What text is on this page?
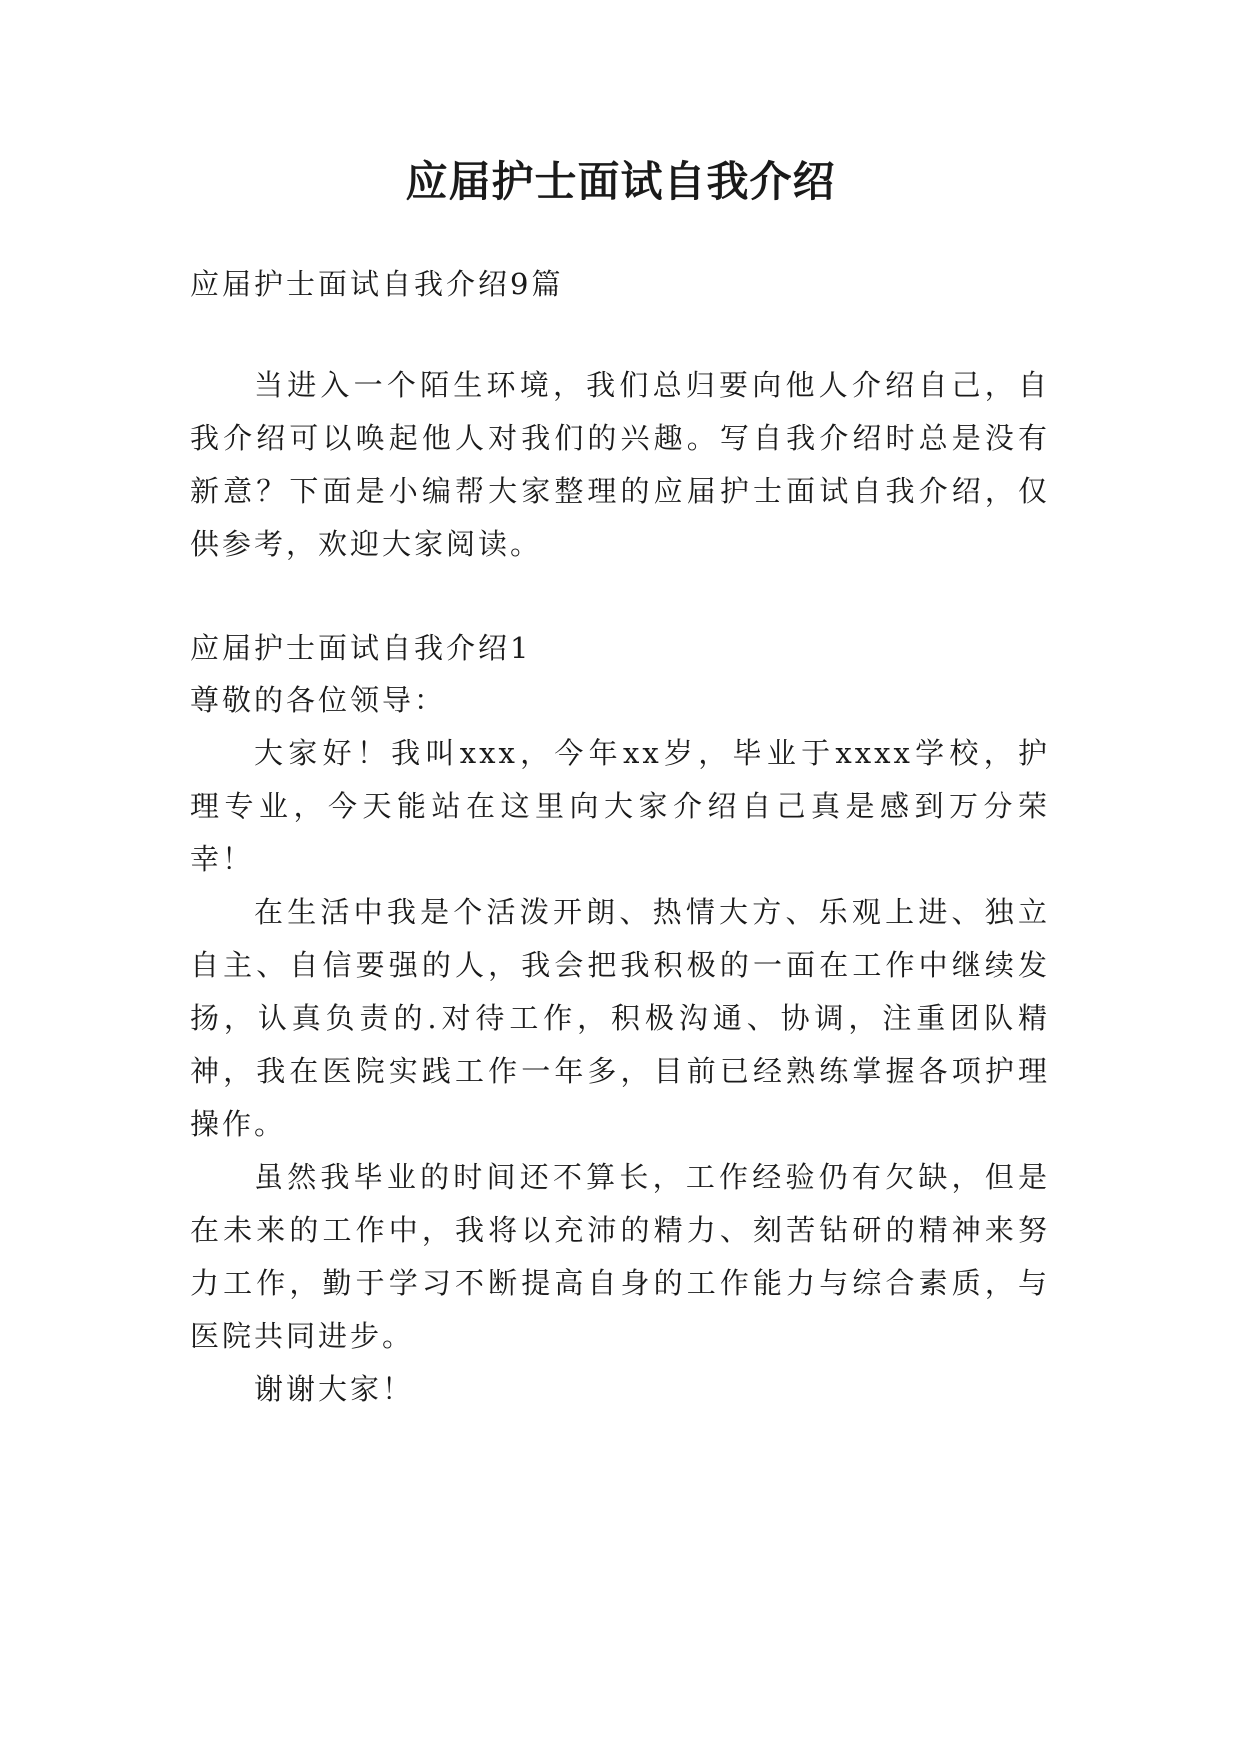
应届护士面试自我介绍

应届护士面试自我介绍9篇

当进入一个陌生环境，我们总归要向他人介绍自己，自

我介绍可以唤起他人对我们的兴趣。写自我介绍时总是没有

新意？下面是小编帮大家整理的应届护士面试自我介绍，仅

供参考，欢迎大家阅读。

应届护士面试自我介绍1

尊敬的各位领导：

大家好！我叫xxx，今年xx岁，毕业于xxxx学校，护

理专业，今天能站在这里向大家介绍自己真是感到万分荣

幸！

在生活中我是个活泼开朗、热情大方、乐观上进、独立

自主、自信要强的人，我会把我积极的一面在工作中继续发

扬，认真负责的.对待工作，积极沟通、协调，注重团队精

神，我在医院实践工作一年多，目前已经熟练掌握各项护理

操作。

虽然我毕业的时间还不算长，工作经验仍有欠缺，但是

在未来的工作中，我将以充沛的精力、刻苦钻研的精神来努

力工作，勤于学习不断提高自身的工作能力与综合素质，与

医院共同进步。

谢谢大家！
